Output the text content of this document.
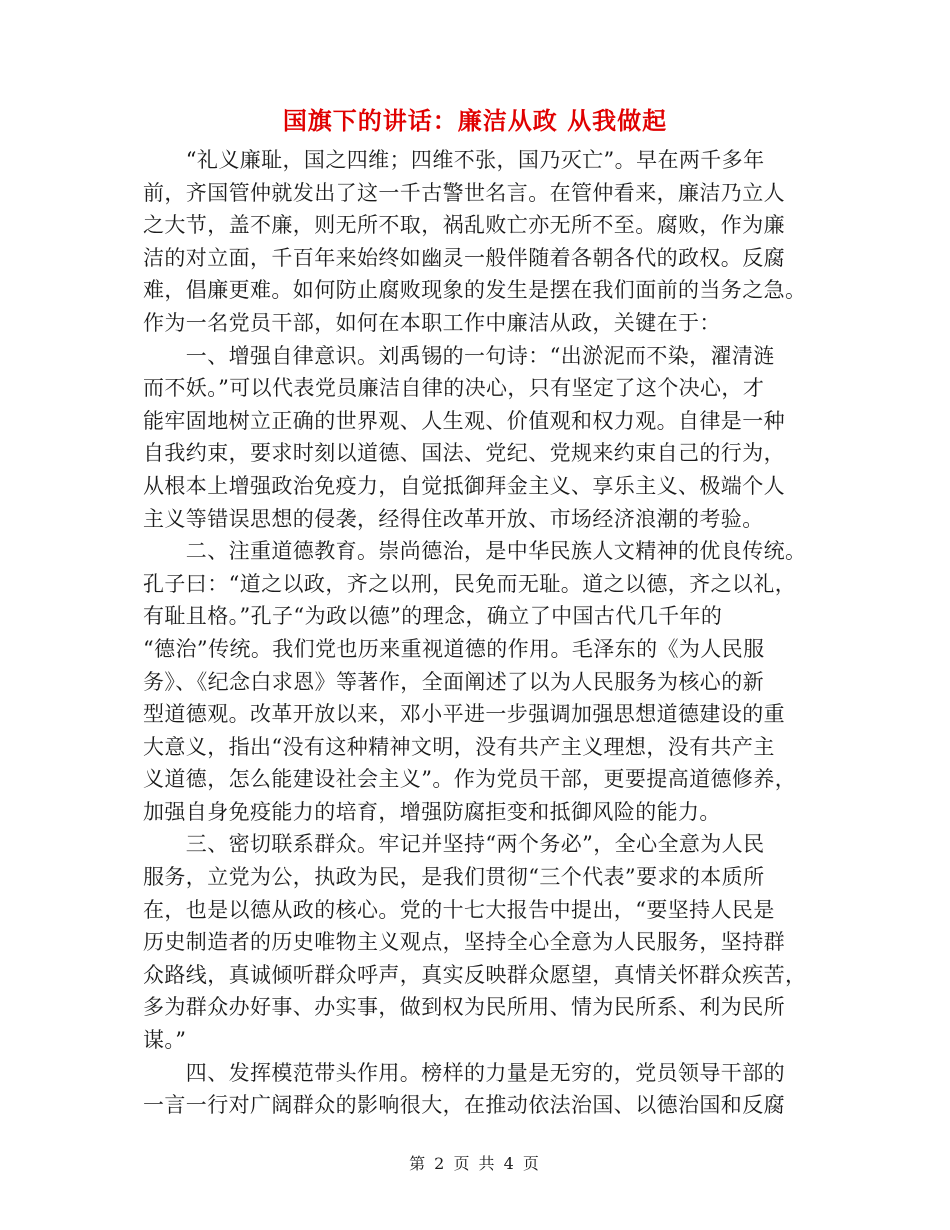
国旗下的讲话：廉洁从政 从我做起
　　“礼义廉耻，国之四维；四维不张，国乃灭亡”。早在两千多年
前，齐国管仲就发出了这一千古警世名言。在管仲看来，廉洁乃立人
之大节，盖不廉，则无所不取，祸乱败亡亦无所不至。腐败，作为廉
洁的对立面，千百年来始终如幽灵一般伴随着各朝各代的政权。反腐
难，倡廉更难。如何防止腐败现象的发生是摆在我们面前的当务之急。
作为一名党员干部，如何在本职工作中廉洁从政，关键在于：
　　一、增强自律意识。刘禹锡的一句诗：“出淤泥而不染，濯清涟
而不妖。”可以代表党员廉洁自律的决心，只有坚定了这个决心，才
能牢固地树立正确的世界观、人生观、价值观和权力观。自律是一种
自我约束，要求时刻以道德、国法、党纪、党规来约束自己的行为，
从根本上增强政治免疫力，自觉抵御拜金主义、享乐主义、极端个人
主义等错误思想的侵袭，经得住改革开放、市场经济浪潮的考验。
　　二、注重道德教育。崇尚德治，是中华民族人文精神的优良传统。
孔子曰：“道之以政，齐之以刑，民免而无耻。道之以德，齐之以礼，
有耻且格。”孔子“为政以德”的理念，确立了中国古代几千年的
“德治”传统。我们党也历来重视道德的作用。毛泽东的《为人民服
务》、《纪念白求恩》等著作，全面阐述了以为人民服务为核心的新
型道德观。改革开放以来，邓小平进一步强调加强思想道德建设的重
大意义，指出“没有这种精神文明，没有共产主义理想，没有共产主
义道德，怎么能建设社会主义”。作为党员干部，更要提高道德修养，
加强自身免疫能力的培育，增强防腐拒变和抵御风险的能力。
　　三、密切联系群众。牢记并坚持“两个务必”，全心全意为人民
服务，立党为公，执政为民，是我们贯彻“三个代表”要求的本质所
在，也是以德从政的核心。党的十七大报告中提出，“要坚持人民是
历史制造者的历史唯物主义观点，坚持全心全意为人民服务，坚持群
众路线，真诚倾听群众呼声，真实反映群众愿望，真情关怀群众疾苦，
多为群众办好事、办实事，做到权为民所用、情为民所系、利为民所
谋。”
　　四、发挥模范带头作用。榜样的力量是无穷的，党员领导干部的
一言一行对广阔群众的影响很大，在推动依法治国、以德治国和反腐
第 2 页 共 4 页
